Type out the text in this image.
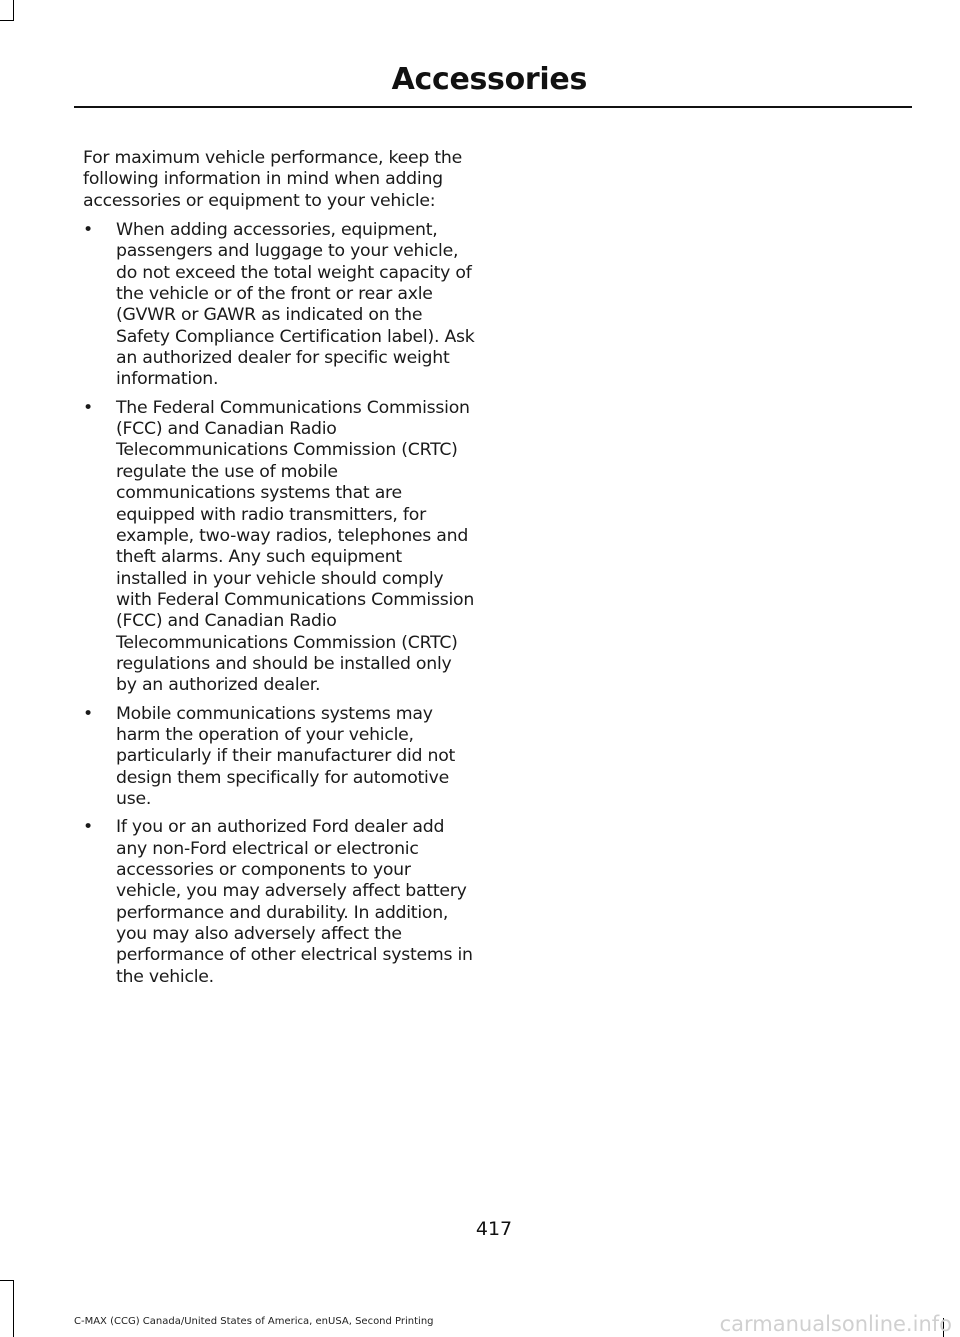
Accessories

For maximum vehicle performance, keep the following information in mind when adding accessories or equipment to your vehicle:

• When adding accessories, equipment, passengers and luggage to your vehicle, do not exceed the total weight capacity of the vehicle or of the front or rear axle (GVWR or GAWR as indicated on the Safety Compliance Certification label). Ask an authorized dealer for specific weight information.
• The Federal Communications Commission (FCC) and Canadian Radio Telecommunications Commission (CRTC) regulate the use of mobile communications systems that are equipped with radio transmitters, for example, two-way radios, telephones and theft alarms. Any such equipment installed in your vehicle should comply with Federal Communications Commission (FCC) and Canadian Radio Telecommunications Commission (CRTC) regulations and should be installed only by an authorized dealer.
• Mobile communications systems may harm the operation of your vehicle, particularly if their manufacturer did not design them specifically for automotive use.
• If you or an authorized Ford dealer add any non-Ford electrical or electronic accessories or components to your vehicle, you may adversely affect battery performance and durability. In addition, you may also adversely affect the performance of other electrical systems in the vehicle.
417
C-MAX (CCG) Canada/United States of America, enUSA, Second Printing	carmanualsonline.info
